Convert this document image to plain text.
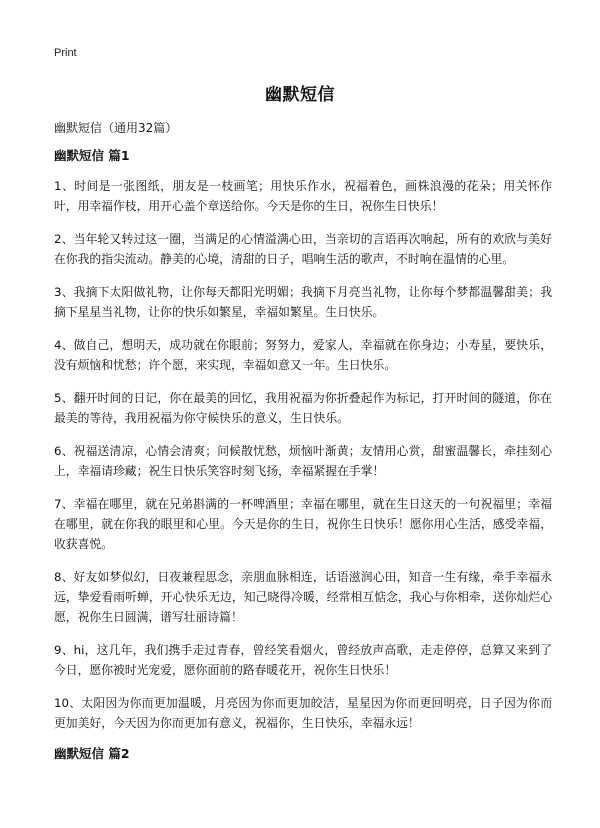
Print
幽默短信
幽默短信（通用32篇）
幽默短信 篇1

1、时间是一张图纸，朋友是一枝画笔；用快乐作水，祝福着色，画株浪漫的花朵；用关怀作叶，用幸福作枝，用开心盖个章送给你。今天是你的生日，祝你生日快乐！

2、当年轮又转过这一圈，当满足的心情溢满心田，当亲切的言语再次响起，所有的欢欣与美好在你我的指尖流动。静美的心境，清甜的日子，唱响生活的歌声，不时响在温情的心里。

3、我摘下太阳做礼物，让你每天都阳光明媚；我摘下月亮当礼物，让你每个梦都温馨甜美；我摘下星星当礼物，让你的快乐如繁星，幸福如繁星。生日快乐。

4、做自己，想明天，成功就在你眼前；努努力，爱家人，幸福就在你身边；小寿星，要快乐，没有烦恼和忧愁；许个愿，来实现，幸福如意又一年。生日快乐。

5、翻开时间的日记，你在最美的回忆，我用祝福为你折叠起作为标记，打开时间的隧道，你在最美的等待，我用祝福为你守候快乐的意义，生日快乐。

6、祝福送清凉，心情会清爽；问候散忧愁，烦恼叶渐黄；友情用心赏，甜蜜温馨长，牵挂刻心上，幸福请珍藏；祝生日快乐笑容时刻飞扬，幸福紧握在手掌！

7、幸福在哪里，就在兄弟斟满的一杯啤酒里；幸福在哪里，就在生日这天的一句祝福里；幸福在哪里，就在你我的眼里和心里。今天是你的生日，祝你生日快乐！愿你用心生活，感受幸福，收获喜悦。

8、好友如梦似幻，日夜兼程思念，亲朋血脉相连，话语滋润心田，知音一生有缘，牵手幸福永远，挚爱看雨听蝉，开心快乐无边，知己晓得冷暖，经常相互惦念，我心与你相牵，送你灿烂心愿，祝你生日圆满，谱写壮丽诗篇！

9、hi，这几年，我们携手走过青春，曾经笑看烟火，曾经放声高歌，走走停停，总算又来到了今日，愿你被时光宠爱，愿你面前的路春暖花开，祝你生日快乐！

10、太阳因为你而更加温暖，月亮因为你而更加皎洁，星星因为你而更回明亮，日子因为你而更加美好，今天因为你而更加有意义，祝福你，生日快乐，幸福永远！

幽默短信 篇2
